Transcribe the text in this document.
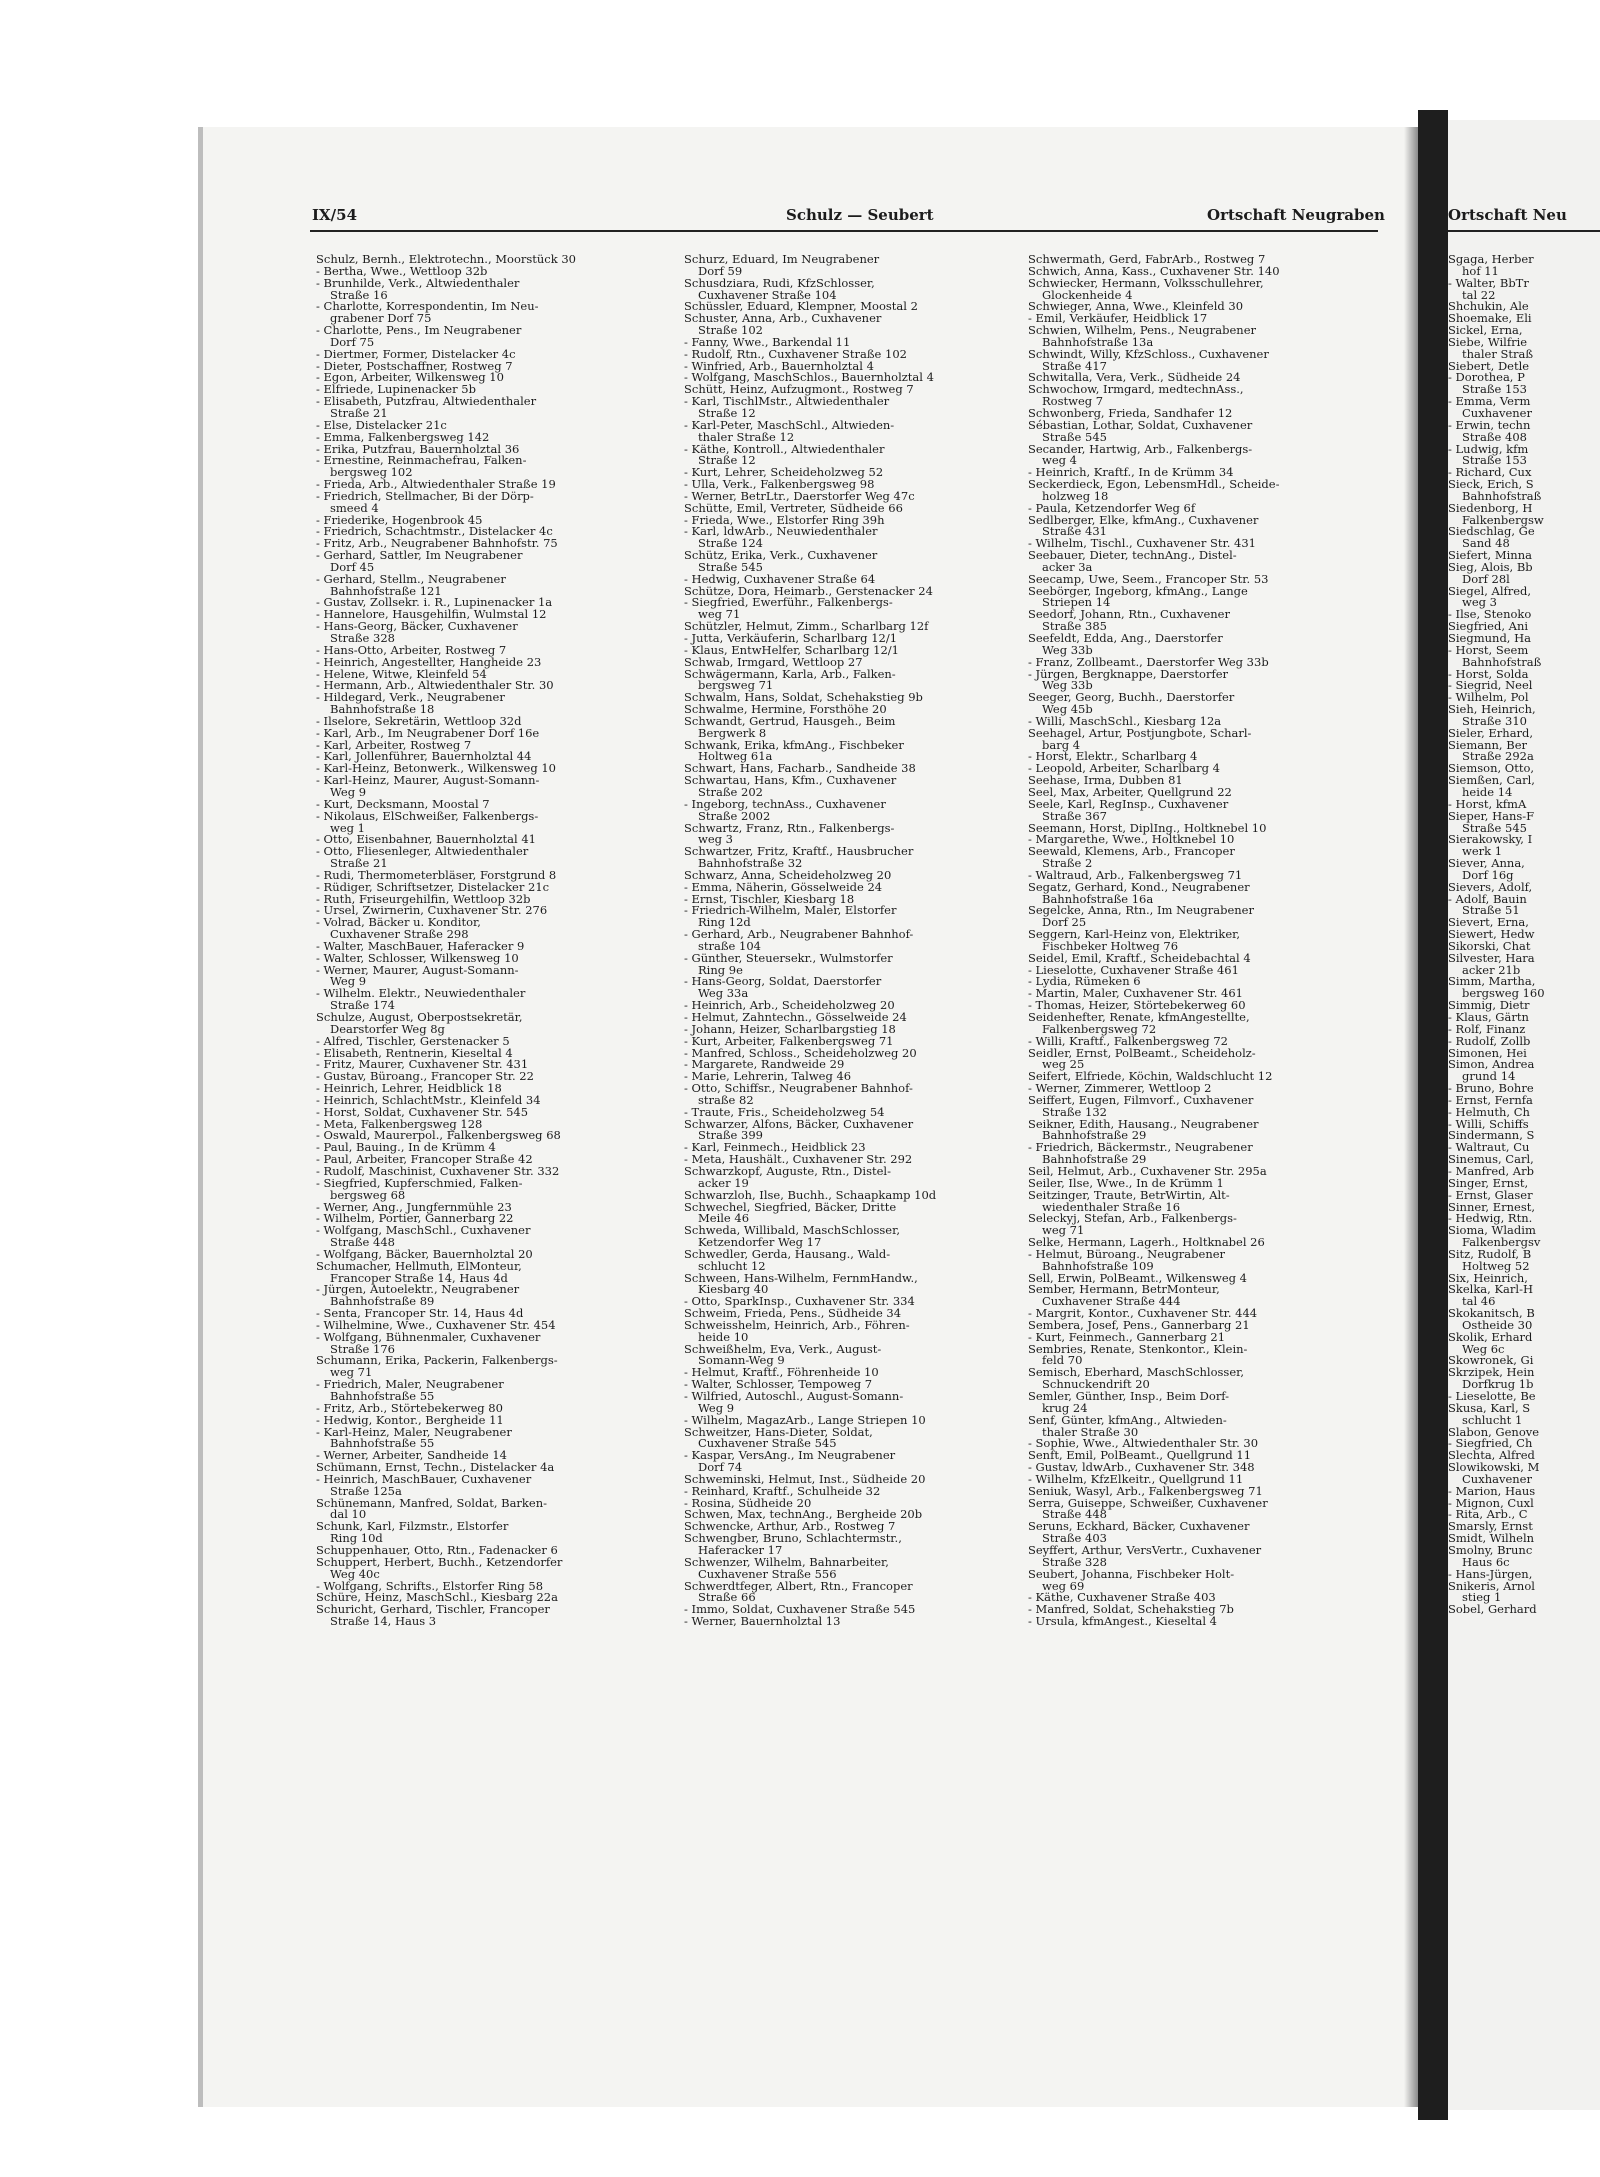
Ortschaft Neu
Sgaga, Herber
hof 11
- Walter, BbTr
tal 22
Shchukin, Ale
Shoemake, Eli
Sickel, Erna,
Siebe, Wilfrie
thaler Straß
Siebert, Detle
- Dorothea, P
Straße 153
- Emma, Verm
Cuxhavener
- Erwin, techn
Straße 408
- Ludwig, kfm
Straße 153
- Richard, Cux
Sieck, Erich, S
Bahnhofstraß
Siedenborg, H
Falkenbergsw
Siedschlag, Ge
Sand 48
Siefert, Minna
Sieg, Alois, Bb
Dorf 28l
Siegel, Alfred,
weg 3
- Ilse, Stenoko
Siegfried, Ani
Siegmund, Ha
- Horst, Seem
Bahnhofstraß
- Horst, Solda
- Siegrid, Neel
- Wilhelm, Pol
Sieh, Heinrich,
Straße 310
Sieler, Erhard,
Siemann, Ber
Straße 292a
Siemson, Otto,
Siemßen, Carl,
heide 14
- Horst, kfmA
Sieper, Hans-F
Straße 545
Sierakowsky, I
werk 1
Siever, Anna,
Dorf 16g
Sievers, Adolf,
- Adolf, Bauin
Straße 51
Sievert, Erna,
Siewert, Hedw
Sikorski, Chat
Silvester, Hara
acker 21b
Simm, Martha,
bergsweg 160
Simmig, Dietr
- Klaus, Gärtn
- Rolf, Finanz
- Rudolf, Zollb
Simonen, Hei
Simon, Andrea
grund 14
- Bruno, Bohre
- Ernst, Fernfa
- Helmuth, Ch
- Willi, Schiffs
Sindermann, S
- Waltraut, Cu
Sinemus, Carl,
- Manfred, Arb
Singer, Ernst,
- Ernst, Glaser
Sinner, Ernest,
- Hedwig, Rtn.
Sioma, Wladim
Falkenbergsv
Sitz, Rudolf, B
Holtweg 52
Six, Heinrich,
Skelka, Karl-H
tal 46
Skokanitsch, B
Ostheide 30
Skolik, Erhard
Weg 6c
Skowronek, Gi
Skrzipek, Hein
Dorfkrug 1b
- Lieselotte, Be
Skusa, Karl, S
schlucht 1
Slabon, Genove
- Siegfried, Ch
Slechta, Alfred
Slowikowski, M
Cuxhavener
- Marion, Haus
- Mignon, Cuxl
- Rita, Arb., C
Smarsly, Ernst
Smidt, Wilheln
Smolny, Brunc
Haus 6c
- Hans-Jürgen,
Snikeris, Arnol
stieg 1
Sobel, Gerhard
IX/54	Schulz — Seubert	Ortschaft Neugraben
Schulz, Bernh., Elektrotechn., Moorstück 30
- Bertha, Wwe., Wettloop 32b
- Brunhilde, Verk., Altwiedenthaler
Straße 16
- Charlotte, Korrespondentin, Im Neu-
grabener Dorf 75
- Charlotte, Pens., Im Neugrabener
Dorf 75
- Diertmer, Former, Distelacker 4c
- Dieter, Postschaffner, Rostweg 7
- Egon, Arbeiter, Wilkensweg 10
- Elfriede, Lupinenacker 5b
- Elisabeth, Putzfrau, Altwiedenthaler
Straße 21
- Else, Distelacker 21c
- Emma, Falkenbergsweg 142
- Erika, Putzfrau, Bauernholztal 36
- Ernestine, Reinmachefrau, Falken-
bergsweg 102
- Frieda, Arb., Altwiedenthaler Straße 19
- Friedrich, Stellmacher, Bi der Dörp-
smeed 4
- Friederike, Hogenbrook 45
- Friedrich, Schachtmstr., Distelacker 4c
- Fritz, Arb., Neugrabener Bahnhofstr. 75
- Gerhard, Sattler, Im Neugrabener
Dorf 45
- Gerhard, Stellm., Neugrabener
Bahnhofstraße 121
- Gustav, Zollsekr. i. R., Lupinenacker 1a
- Hannelore, Hausgehilfin, Wulmstal 12
- Hans-Georg, Bäcker, Cuxhavener
Straße 328
- Hans-Otto, Arbeiter, Rostweg 7
- Heinrich, Angestellter, Hangheide 23
- Helene, Witwe, Kleinfeld 54
- Hermann, Arb., Altwiedenthaler Str. 30
- Hildegard, Verk., Neugrabener
Bahnhofstraße 18
- Ilselore, Sekretärin, Wettloop 32d
- Karl, Arb., Im Neugrabener Dorf 16e
- Karl, Arbeiter, Rostweg 7
- Karl, Jollenführer, Bauernholztal 44
- Karl-Heinz, Betonwerk., Wilkensweg 10
- Karl-Heinz, Maurer, August-Somann-
Weg 9
- Kurt, Decksmann, Moostal 7
- Nikolaus, ElSchweißer, Falkenbergs-
weg 1
- Otto, Eisenbahner, Bauernholztal 41
- Otto, Fliesenleger, Altwiedenthaler
Straße 21
- Rudi, Thermometerbläser, Forstgrund 8
- Rüdiger, Schriftsetzer, Distelacker 21c
- Ruth, Friseurgehilfin, Wettloop 32b
- Ursel, Zwirnerin, Cuxhavener Str. 276
- Volrad, Bäcker u. Konditor,
Cuxhavener Straße 298
- Walter, MaschBauer, Haferacker 9
- Walter, Schlosser, Wilkensweg 10
- Werner, Maurer, August-Somann-
Weg 9
- Wilhelm. Elektr., Neuwiedenthaler
Straße 174
Schulze, August, Oberpostsekretär,
Dearstorfer Weg 8g
- Alfred, Tischler, Gerstenacker 5
- Elisabeth, Rentnerin, Kieseltal 4
- Fritz, Maurer, Cuxhavener Str. 431
- Gustav, Büroang., Francoper Str. 22
- Heinrich, Lehrer, Heidblick 18
- Heinrich, SchlachtMstr., Kleinfeld 34
- Horst, Soldat, Cuxhavener Str. 545
- Meta, Falkenbergsweg 128
- Oswald, Maurerpol., Falkenbergsweg 68
- Paul, Bauing., In de Krümm 4
- Paul, Arbeiter, Francoper Straße 42
- Rudolf, Maschinist, Cuxhavener Str. 332
- Siegfried, Kupferschmied, Falken-
bergsweg 68
- Werner, Ang., Jungfernmühle 23
- Wilhelm, Portier, Gannerbarg 22
- Wolfgang, MaschSchl., Cuxhavener
Straße 448
- Wolfgang, Bäcker, Bauernholztal 20
Schumacher, Hellmuth, ElMonteur,
Francoper Straße 14, Haus 4d
- Jürgen, Autoelektr., Neugrabener
Bahnhofstraße 89
- Senta, Francoper Str. 14, Haus 4d
- Wilhelmine, Wwe., Cuxhavener Str. 454
- Wolfgang, Bühnenmaler, Cuxhavener
Straße 176
Schumann, Erika, Packerin, Falkenbergs-
weg 71
- Friedrich, Maler, Neugrabener
Bahnhofstraße 55
- Fritz, Arb., Störtebekerweg 80
- Hedwig, Kontor., Bergheide 11
- Karl-Heinz, Maler, Neugrabener
Bahnhofstraße 55
- Werner, Arbeiter, Sandheide 14
Schümann, Ernst, Techn., Distelacker 4a
- Heinrich, MaschBauer, Cuxhavener
Straße 125a
Schünemann, Manfred, Soldat, Barken-
dal 10
Schunk, Karl, Filzmstr., Elstorfer
Ring 10d
Schuppenhauer, Otto, Rtn., Fadenacker 6
Schuppert, Herbert, Buchh., Ketzendorfer
Weg 40c
- Wolfgang, Schrifts., Elstorfer Ring 58
Schüre, Heinz, MaschSchl., Kiesbarg 22a
Schuricht, Gerhard, Tischler, Francoper
Straße 14, Haus 3
Schurz, Eduard, Im Neugrabener
Dorf 59
Schusdziara, Rudi, KfzSchlosser,
Cuxhavener Straße 104
Schüssler, Eduard, Klempner, Moostal 2
Schuster, Anna, Arb., Cuxhavener
Straße 102
- Fanny, Wwe., Barkendal 11
- Rudolf, Rtn., Cuxhavener Straße 102
- Winfried, Arb., Bauernholztal 4
- Wolfgang, MaschSchlos., Bauernholztal 4
Schütt, Heinz, Aufzugmont., Rostweg 7
- Karl, TischlMstr., Altwiedenthaler
Straße 12
- Karl-Peter, MaschSchl., Altwieden-
thaler Straße 12
- Käthe, Kontroll., Altwiedenthaler
Straße 12
- Kurt, Lehrer, Scheideholzweg 52
- Ulla, Verk., Falkenbergsweg 98
- Werner, BetrLtr., Daerstorfer Weg 47c
Schütte, Emil, Vertreter, Südheide 66
- Frieda, Wwe., Elstorfer Ring 39h
- Karl, ldwArb., Neuwiedenthaler
Straße 124
Schütz, Erika, Verk., Cuxhavener
Straße 545
- Hedwig, Cuxhavener Straße 64
Schütze, Dora, Heimarb., Gerstenacker 24
- Siegfried, Ewerführ., Falkenbergs-
weg 71
Schützler, Helmut, Zimm., Scharlbarg 12f
- Jutta, Verkäuferin, Scharlbarg 12/1
- Klaus, EntwHelfer, Scharlbarg 12/1
Schwab, Irmgard, Wettloop 27
Schwägermann, Karla, Arb., Falken-
bergsweg 71
Schwalm, Hans, Soldat, Schehakstieg 9b
Schwalme, Hermine, Forsthöhe 20
Schwandt, Gertrud, Hausgeh., Beim
Bergwerk 8
Schwank, Erika, kfmAng., Fischbeker
Holtweg 61a
Schwart, Hans, Facharb., Sandheide 38
Schwartau, Hans, Kfm., Cuxhavener
Straße 202
- Ingeborg, technAss., Cuxhavener
Straße 2002
Schwartz, Franz, Rtn., Falkenbergs-
weg 3
Schwartzer, Fritz, Kraftf., Hausbrucher
Bahnhofstraße 32
Schwarz, Anna, Scheideholzweg 20
- Emma, Näherin, Gösselweide 24
- Ernst, Tischler, Kiesbarg 18
- Friedrich-Wilhelm, Maler, Elstorfer
Ring 12d
- Gerhard, Arb., Neugrabener Bahnhof-
straße 104
- Günther, Steuersekr., Wulmstorfer
Ring 9e
- Hans-Georg, Soldat, Daerstorfer
Weg 33a
- Heinrich, Arb., Scheideholzweg 20
- Helmut, Zahntechn., Gösselweide 24
- Johann, Heizer, Scharlbargstieg 18
- Kurt, Arbeiter, Falkenbergsweg 71
- Manfred, Schloss., Scheideholzweg 20
- Margarete, Randweide 29
- Marie, Lehrerin, Talweg 46
- Otto, Schiffsr., Neugrabener Bahnhof-
straße 82
- Traute, Fris., Scheideholzweg 54
Schwarzer, Alfons, Bäcker, Cuxhavener
Straße 399
- Karl, Feinmech., Heidblick 23
- Meta, Haushält., Cuxhavener Str. 292
Schwarzkopf, Auguste, Rtn., Distel-
acker 19
Schwarzloh, Ilse, Buchh., Schaapkamp 10d
Schwechel, Siegfried, Bäcker, Dritte
Meile 46
Schweda, Willibald, MaschSchlosser,
Ketzendorfer Weg 17
Schwedler, Gerda, Hausang., Wald-
schlucht 12
Schween, Hans-Wilhelm, FernmHandw.,
Kiesbarg 40
- Otto, SparkInsp., Cuxhavener Str. 334
Schweim, Frieda, Pens., Südheide 34
Schweisshelm, Heinrich, Arb., Föhren-
heide 10
Schweißhelm, Eva, Verk., August-
Somann-Weg 9
- Helmut, Kraftf., Föhrenheide 10
- Walter, Schlosser, Tempoweg 7
- Wilfried, Autoschl., August-Somann-
Weg 9
- Wilhelm, MagazArb., Lange Striepen 10
Schweitzer, Hans-Dieter, Soldat,
Cuxhavener Straße 545
- Kaspar, VersAng., Im Neugrabener
Dorf 74
Schweminski, Helmut, Inst., Südheide 20
- Reinhard, Kraftf., Schulheide 32
- Rosina, Südheide 20
Schwen, Max, technAng., Bergheide 20b
Schwencke, Arthur, Arb., Rostweg 7
Schwengber, Bruno, Schlachtermstr.,
Haferacker 17
Schwenzer, Wilhelm, Bahnarbeiter,
Cuxhavener Straße 556
Schwerdtfeger, Albert, Rtn., Francoper
Straße 66
- Immo, Soldat, Cuxhavener Straße 545
- Werner, Bauernholztal 13
Schwermath, Gerd, FabrArb., Rostweg 7
Schwich, Anna, Kass., Cuxhavener Str. 140
Schwiecker, Hermann, Volksschullehrer,
Glockenheide 4
Schwieger, Anna, Wwe., Kleinfeld 30
- Emil, Verkäufer, Heidblick 17
Schwien, Wilhelm, Pens., Neugrabener
Bahnhofstraße 13a
Schwindt, Willy, KfzSchloss., Cuxhavener
Straße 417
Schwitalla, Vera, Verk., Südheide 24
Schwochow, Irmgard, medtechnAss.,
Rostweg 7
Schwonberg, Frieda, Sandhafer 12
Sébastian, Lothar, Soldat, Cuxhavener
Straße 545
Secander, Hartwig, Arb., Falkenbergs-
weg 4
- Heinrich, Kraftf., In de Krümm 34
Seckerdieck, Egon, LebensmHdl., Scheide-
holzweg 18
- Paula, Ketzendorfer Weg 6f
Sedlberger, Elke, kfmAng., Cuxhavener
Straße 431
- Wilhelm, Tischl., Cuxhavener Str. 431
Seebauer, Dieter, technAng., Distel-
acker 3a
Seecamp, Uwe, Seem., Francoper Str. 53
Seebörger, Ingeborg, kfmAng., Lange
Striepen 14
Seedorf, Johann, Rtn., Cuxhavener
Straße 385
Seefeldt, Edda, Ang., Daerstorfer
Weg 33b
- Franz, Zollbeamt., Daerstorfer Weg 33b
- Jürgen, Bergknappe, Daerstorfer
Weg 33b
Seeger, Georg, Buchh., Daerstorfer
Weg 45b
- Willi, MaschSchl., Kiesbarg 12a
Seehagel, Artur, Postjungbote, Scharl-
barg 4
- Horst, Elektr., Scharlbarg 4
- Leopold, Arbeiter, Scharlbarg 4
Seehase, Irma, Dubben 81
Seel, Max, Arbeiter, Quellgrund 22
Seele, Karl, RegInsp., Cuxhavener
Straße 367
Seemann, Horst, DiplIng., Holtknebel 10
- Margarethe, Wwe., Holtknebel 10
Seewald, Klemens, Arb., Francoper
Straße 2
- Waltraud, Arb., Falkenbergsweg 71
Segatz, Gerhard, Kond., Neugrabener
Bahnhofstraße 16a
Segelcke, Anna, Rtn., Im Neugrabener
Dorf 25
Seggern, Karl-Heinz von, Elektriker,
Fischbeker Holtweg 76
Seidel, Emil, Kraftf., Scheidebachtal 4
- Lieselotte, Cuxhavener Straße 461
- Lydia, Rümeken 6
- Martin, Maler, Cuxhavener Str. 461
- Thomas, Heizer, Störtebekerweg 60
Seidenhefter, Renate, kfmAngestellte,
Falkenbergsweg 72
- Willi, Kraftf., Falkenbergsweg 72
Seidler, Ernst, PolBeamt., Scheideholz-
weg 25
Seifert, Elfriede, Köchin, Waldschlucht 12
- Werner, Zimmerer, Wettloop 2
Seiffert, Eugen, Filmvorf., Cuxhavener
Straße 132
Seikner, Edith, Hausang., Neugrabener
Bahnhofstraße 29
- Friedrich, Bäckermstr., Neugrabener
Bahnhofstraße 29
Seil, Helmut, Arb., Cuxhavener Str. 295a
Seiler, Ilse, Wwe., In de Krümm 1
Seitzinger, Traute, BetrWirtin, Alt-
wiedenthaler Straße 16
Seleckyj, Stefan, Arb., Falkenbergs-
weg 71
Selke, Hermann, Lagerh., Holtknabel 26
- Helmut, Büroang., Neugrabener
Bahnhofstraße 109
Sell, Erwin, PolBeamt., Wilkensweg 4
Sember, Hermann, BetrMonteur,
Cuxhavener Straße 444
- Margrit, Kontor., Cuxhavener Str. 444
Sembera, Josef, Pens., Gannerbarg 21
- Kurt, Feinmech., Gannerbarg 21
Sembries, Renate, Stenkontor., Klein-
feld 70
Semisch, Eberhard, MaschSchlosser,
Schnuckendrift 20
Semler, Günther, Insp., Beim Dorf-
krug 24
Senf, Günter, kfmAng., Altwieden-
thaler Straße 30
- Sophie, Wwe., Altwiedenthaler Str. 30
Senft, Emil, PolBeamt., Quellgrund 11
- Gustav, ldwArb., Cuxhavener Str. 348
- Wilhelm, KfzElkeitr., Quellgrund 11
Seniuk, Wasyl, Arb., Falkenbergsweg 71
Serra, Guiseppe, Schweißer, Cuxhavener
Straße 448
Seruns, Eckhard, Bäcker, Cuxhavener
Straße 403
Seyffert, Arthur, VersVertr., Cuxhavener
Straße 328
Seubert, Johanna, Fischbeker Holt-
weg 69
- Käthe, Cuxhavener Straße 403
- Manfred, Soldat, Schehakstieg 7b
- Ursula, kfmAngest., Kieseltal 4
